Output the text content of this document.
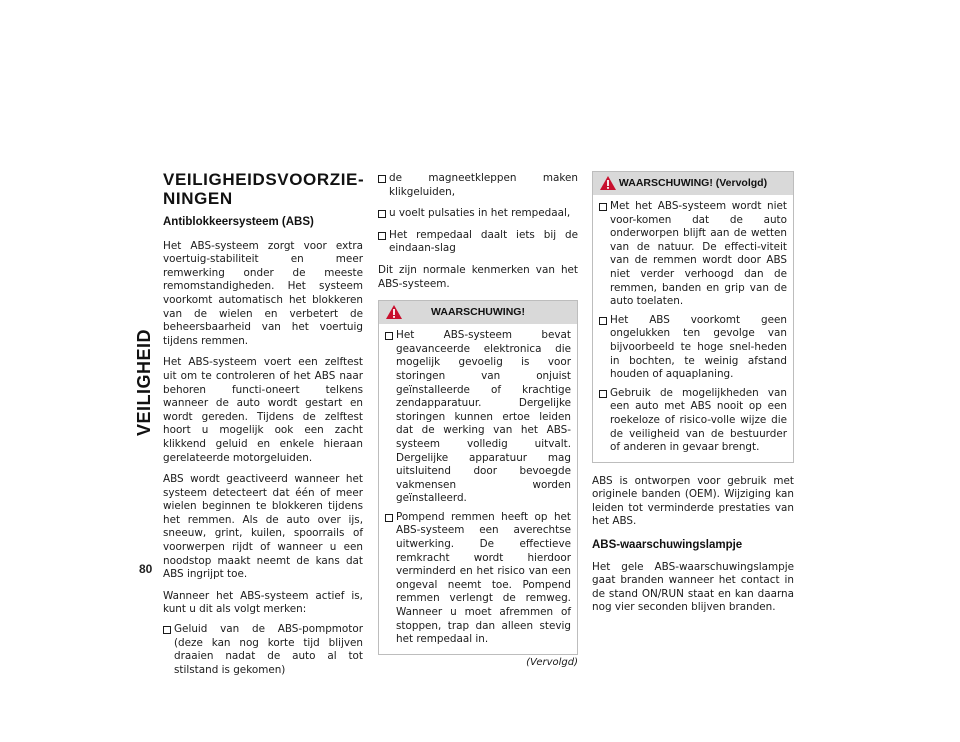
VEILIGHEID
80
VEILIGHEIDSVOORZIE-
NINGEN
Antiblokkeersysteem (ABS)

Het ABS-systeem zorgt voor extra voertuig-stabiliteit en meer remwerking onder de meeste remomstandigheden. Het systeem voorkomt automatisch het blokkeren van de wielen en verbetert de beheersbaarheid van het voertuig tijdens remmen.

Het ABS-systeem voert een zelftest uit om te controleren of het ABS naar behoren functi-oneert telkens wanneer de auto wordt gestart en wordt gereden. Tijdens de zelftest hoort u mogelijk ook een zacht klikkend geluid en enkele hieraan gerelateerde motorgeluiden.

ABS wordt geactiveerd wanneer het systeem detecteert dat één of meer wielen beginnen te blokkeren tijdens het remmen. Als de auto over ijs, sneeuw, grint, kuilen, spoorrails of voorwerpen rijdt of wanneer u een noodstop maakt neemt de kans dat ABS ingrijpt toe.

Wanneer het ABS-systeem actief is, kunt u dit als volgt merken:

Geluid van de ABS-pompmotor (deze kan nog korte tijd blijven draaien nadat de auto al tot stilstand is gekomen)
de magneetkleppen maken klikgeluiden,
u voelt pulsaties in het rempedaal,
Het rempedaal daalt iets bij de eindaan-slag

Dit zijn normale kenmerken van het ABS-systeem.

WAARSCHUWING!
Het ABS-systeem bevat geavanceerde elektronica die mogelijk gevoelig is voor storingen van onjuist geïnstalleerde of krachtige zendapparatuur. Dergelijke storingen kunnen ertoe leiden dat de werking van het ABS-systeem volledig uitvalt. Dergelijke apparatuur mag uitsluitend door bevoegde vakmensen worden geïnstalleerd.
Pompend remmen heeft op het ABS-systeem een averechtse uitwerking. De effectieve remkracht wordt hierdoor verminderd en het risico van een ongeval neemt toe. Pompend remmen verlengt de remweg. Wanneer u moet afremmen of stoppen, trap dan alleen stevig het rempedaal in.
(Vervolgd)
WAARSCHUWING! (Vervolgd)
Met het ABS-systeem wordt niet voor-komen dat de auto onderworpen blijft aan de wetten van de natuur. De effecti-viteit van de remmen wordt door ABS niet verder verhoogd dan de remmen, banden en grip van de auto toelaten.
Het ABS voorkomt geen ongelukken ten gevolge van bijvoorbeeld te hoge snel-heden in bochten, te weinig afstand houden of aquaplaning.
Gebruik de mogelijkheden van een auto met ABS nooit op een roekeloze of risico-volle wijze die de veiligheid van de bestuurder of anderen in gevaar brengt.

ABS is ontworpen voor gebruik met originele banden (OEM). Wijziging kan leiden tot verminderde prestaties van het ABS.

ABS-waarschuwingslampje

Het gele ABS-waarschuwingslampje gaat branden wanneer het contact in de stand ON/RUN staat en kan daarna nog vier seconden blijven branden.
